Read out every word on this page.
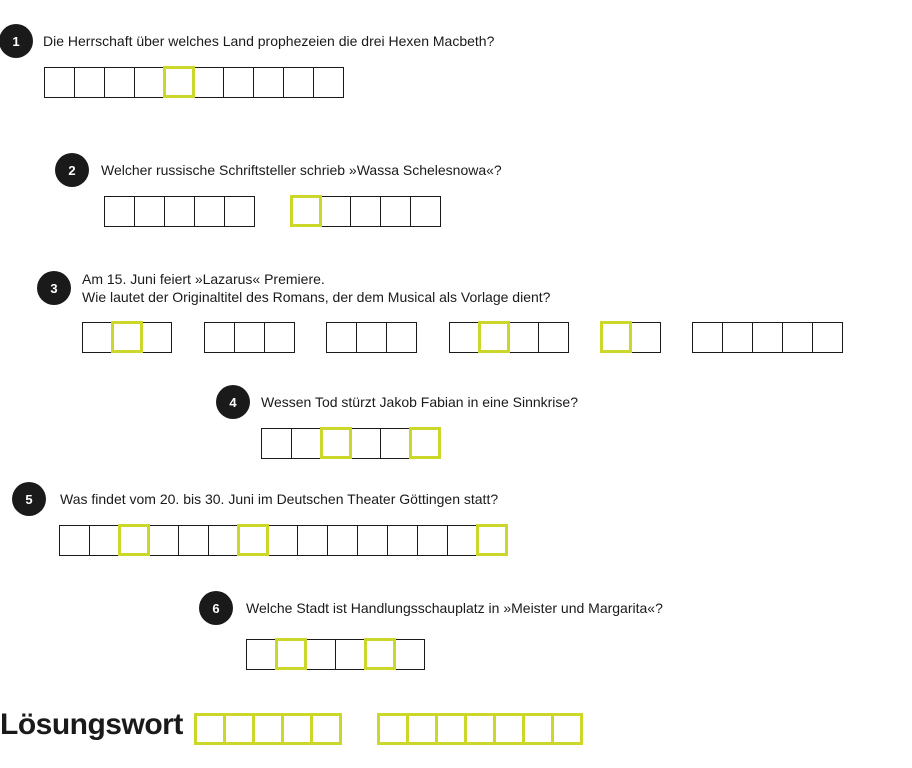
1	Die Herrschaft über welches Land prophezeien die drei Hexen Macbeth?
2	Welcher russische Schriftsteller schrieb »Wassa Schelesnowa«?
3
Am 15. Juni feiert »Lazarus« Premiere.
Wie lautet der Originaltitel des Romans, der dem Musical als Vorlage dient?
4	Wessen Tod stürzt Jakob Fabian in eine Sinnkrise?
5	Was findet vom 20. bis 30. Juni im Deutschen Theater Göttingen statt?
6	Welche Stadt ist Handlungsschauplatz in »Meister und Margarita«?
Lösungswort
